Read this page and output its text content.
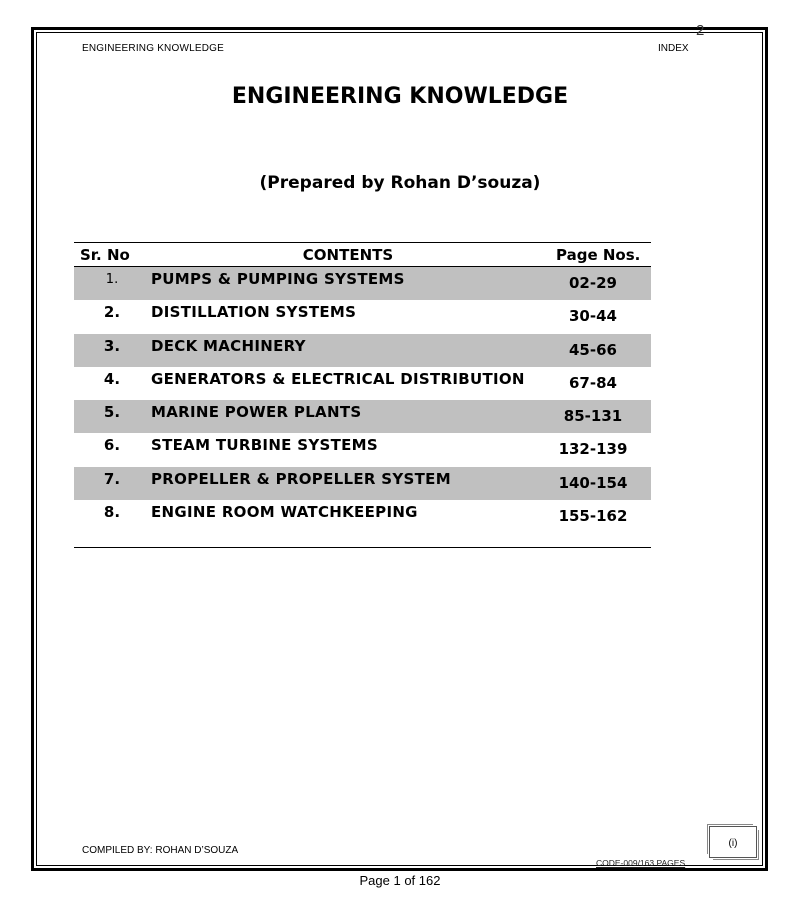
2
ENGINEERING KNOWLEDGE	INDEX
ENGINEERING KNOWLEDGE
(Prepared by Rohan D’souza)
Sr. No	CONTENTS	Page Nos.
1. PUMPS & PUMPING SYSTEMS	02-29
2. DISTILLATION SYSTEMS	30-44
3. DECK MACHINERY	45-66
4. GENERATORS & ELECTRICAL DISTRIBUTION	67-84
5. MARINE POWER PLANTS	85-131
6. STEAM TURBINE SYSTEMS	132-139
7. PROPELLER & PROPELLER SYSTEM	140-154
8. ENGINE ROOM WATCHKEEPING	155-162
COMPILED BY: ROHAN D’SOUZA
(i)
CODE-009/163 PAGES
Page 1 of 162
